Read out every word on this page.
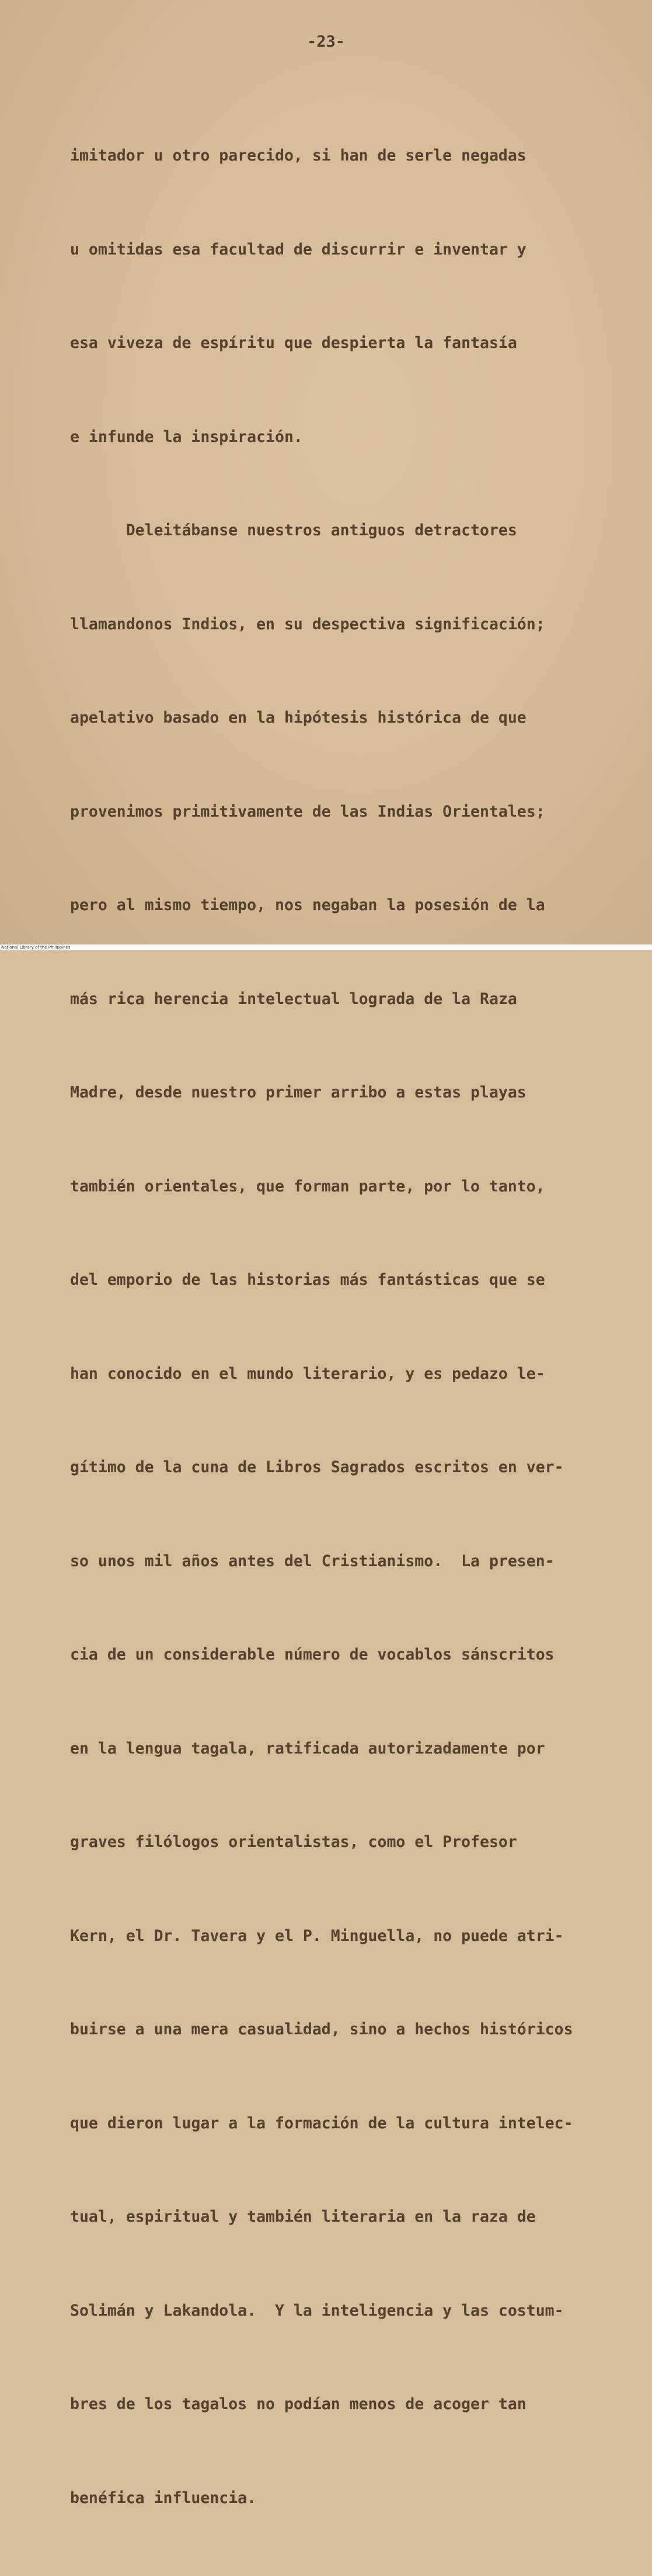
-23-

imitador u otro parecido, si han de serle negadas

u omitidas esa facultad de discurrir e inventar y

esa viveza de espíritu que despierta la fantasía

e infunde la inspiración.

Deleitábanse nuestros antiguos detractores

llamandonos Indios, en su despectiva significación;

apelativo basado en la hipótesis histórica de que

provenimos primitivamente de las Indias Orientales;

pero al mismo tiempo, nos negaban la posesión de la

más rica herencia intelectual lograda de la Raza

Madre, desde nuestro primer arribo a estas playas

también orientales, que forman parte, por lo tanto,

del emporio de las historias más fantásticas que se

han conocido en el mundo literario, y es pedazo le-

gítimo de la cuna de Libros Sagrados escritos en ver-

so unos mil años antes del Cristianismo.  La presen-

cia de un considerable número de vocablos sánscritos

en la lengua tagala, ratificada autorizadamente por

graves filólogos orientalistas, como el Profesor

Kern, el Dr. Tavera y el P. Minguella, no puede atri-

buirse a una mera casualidad, sino a hechos históricos

que dieron lugar a la formación de la cultura intelec-

tual, espiritual y también literaria en la raza de

Solimán y Lakandola.  Y la inteligencia y las costum-

bres de los tagalos no podían menos de acoger tan

benéfica influencia.

National Library of the Philippines
